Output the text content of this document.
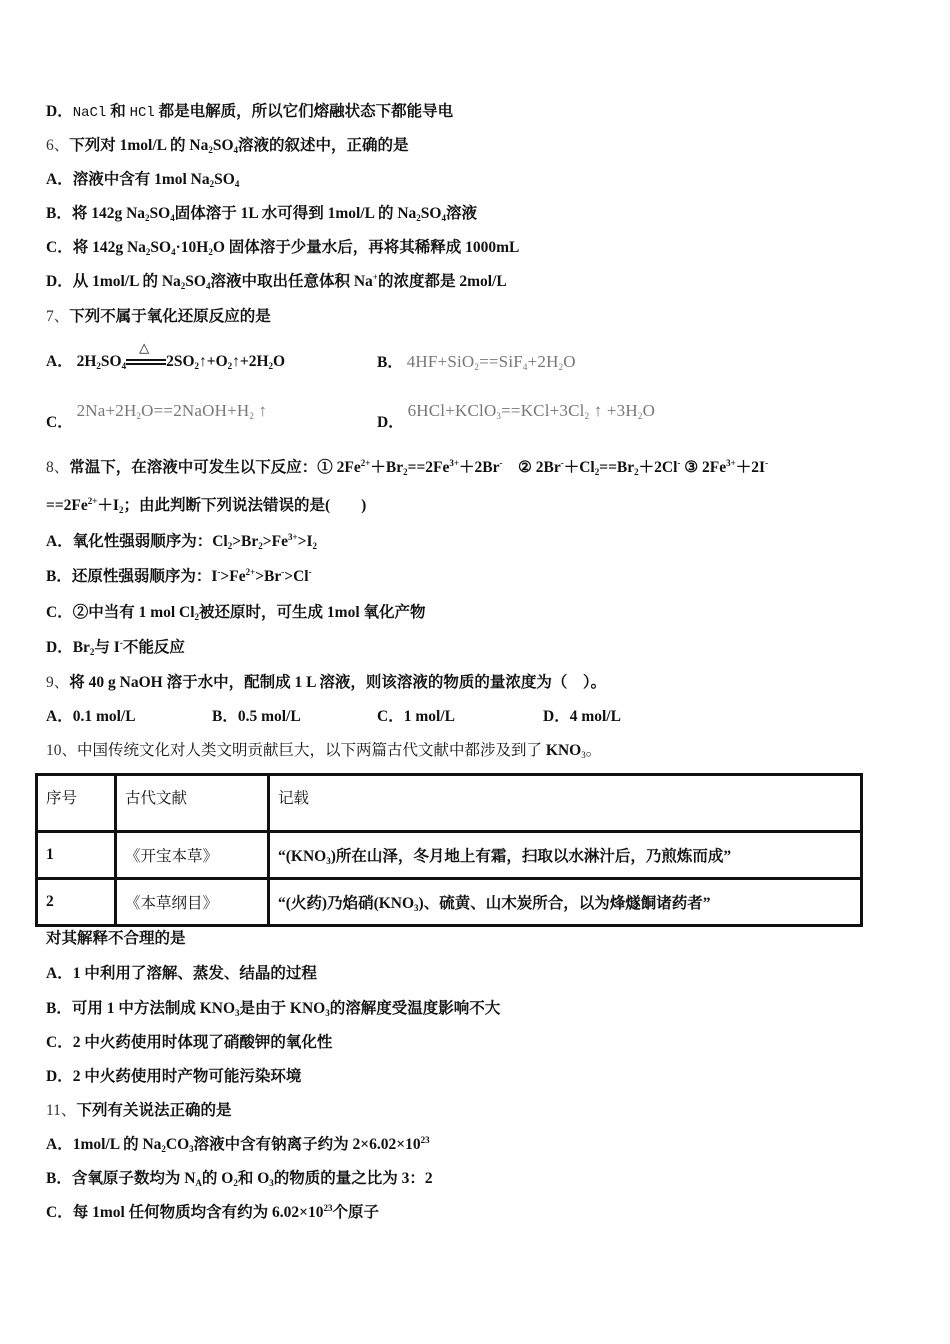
D．NaCl 和 HCl 都是电解质，所以它们熔融状态下都能导电
6、下列对 1mol/L 的 $Na_2SO_4$溶液的叙述中，正确的是
A．溶液中含有 1mol $Na_2SO_4$
B．将 142g $Na_2SO_4$固体溶于 1L 水可得到 1mol/L 的 $Na_2SO_4$溶液
C．将 142g $Na_2SO_4\cdot 10H_2O$ 固体溶于少量水后，再将其稀释成 1000mL
D．从 1mol/L 的 $Na_2SO_4$溶液中取出任意体积 Na+的浓度都是 2mol/L
7、下列不属于氧化还原反应的是
A． $2H_2SO_4$
△
$2SO_2↑+O_2↑+2H_2O$	B． $4HF+SiO_2==SiF_4+2H_2O$
C． $2Na+2H_2O==2NaOH+H_2$ ↑
D． $6HCl+KClO_3==KCl+3Cl_2$ ↑ $+3H_2O$
8、常温下，在溶液中可发生以下反应：① $2Fe^{2+}+Br_2==2Fe^{3+}+2Br^-$ ② $2Br^-+Cl_2==Br_2+2Cl^-$ ③ $2Fe^{3+}+2I^-$
$==2Fe^{2+}+I_2$；由此判断下列说法错误的是(　　)
A．氧化性强弱顺序为：$Cl_2>Br_2>Fe^{3+}>I_2$
B．还原性强弱顺序为：$I^->Fe^{2+}>Br^->Cl^-$
C．②中当有 1 mol $Cl_2$被还原时，可生成 1mol 氧化产物
D．$Br_2$与 I-不能反应
9、将 40 g NaOH 溶于水中，配制成 1 L 溶液，则该溶液的物质的量浓度为（　）。
A．0.1 mol/L	B．0.5 mol/L	C．1 mol/L	D．4 mol/L
10、中国传统文化对人类文明贡献巨大，以下两篇古代文献中都涉及到了 $KNO_3$。
序号	古代文献	记载
1	《开宝本草》	“$(KNO_3)$所在山泽，冬月地上有霜，扫取以水淋汁后，乃煎炼而成”
2	《本草纲目》	“(火药)乃焰硝$(KNO_3)$、硫黄、山木炭所合，以为烽燧餇诸药者”
对其解释不合理的是
A．1 中利用了溶解、蒸发、结晶的过程
B．可用 1 中方法制成 $KNO_3$是由于 $KNO_3$的溶解度受温度影响不大
C．2 中火药使用时体现了硝酸钾的氧化性
D．2 中火药使用时产物可能污染环境
11、下列有关说法正确的是
A．1mol/L 的 $Na_2CO_3$溶液中含有钠离子约为 $2\times 6.02\times 10^{23}$
B．含氧原子数均为 $N_A$的 $O_2$和 $O_3$的物质的量之比为 3：2
C．每 1mol 任何物质均含有约为 $6.02\times 10^{23}$个原子
